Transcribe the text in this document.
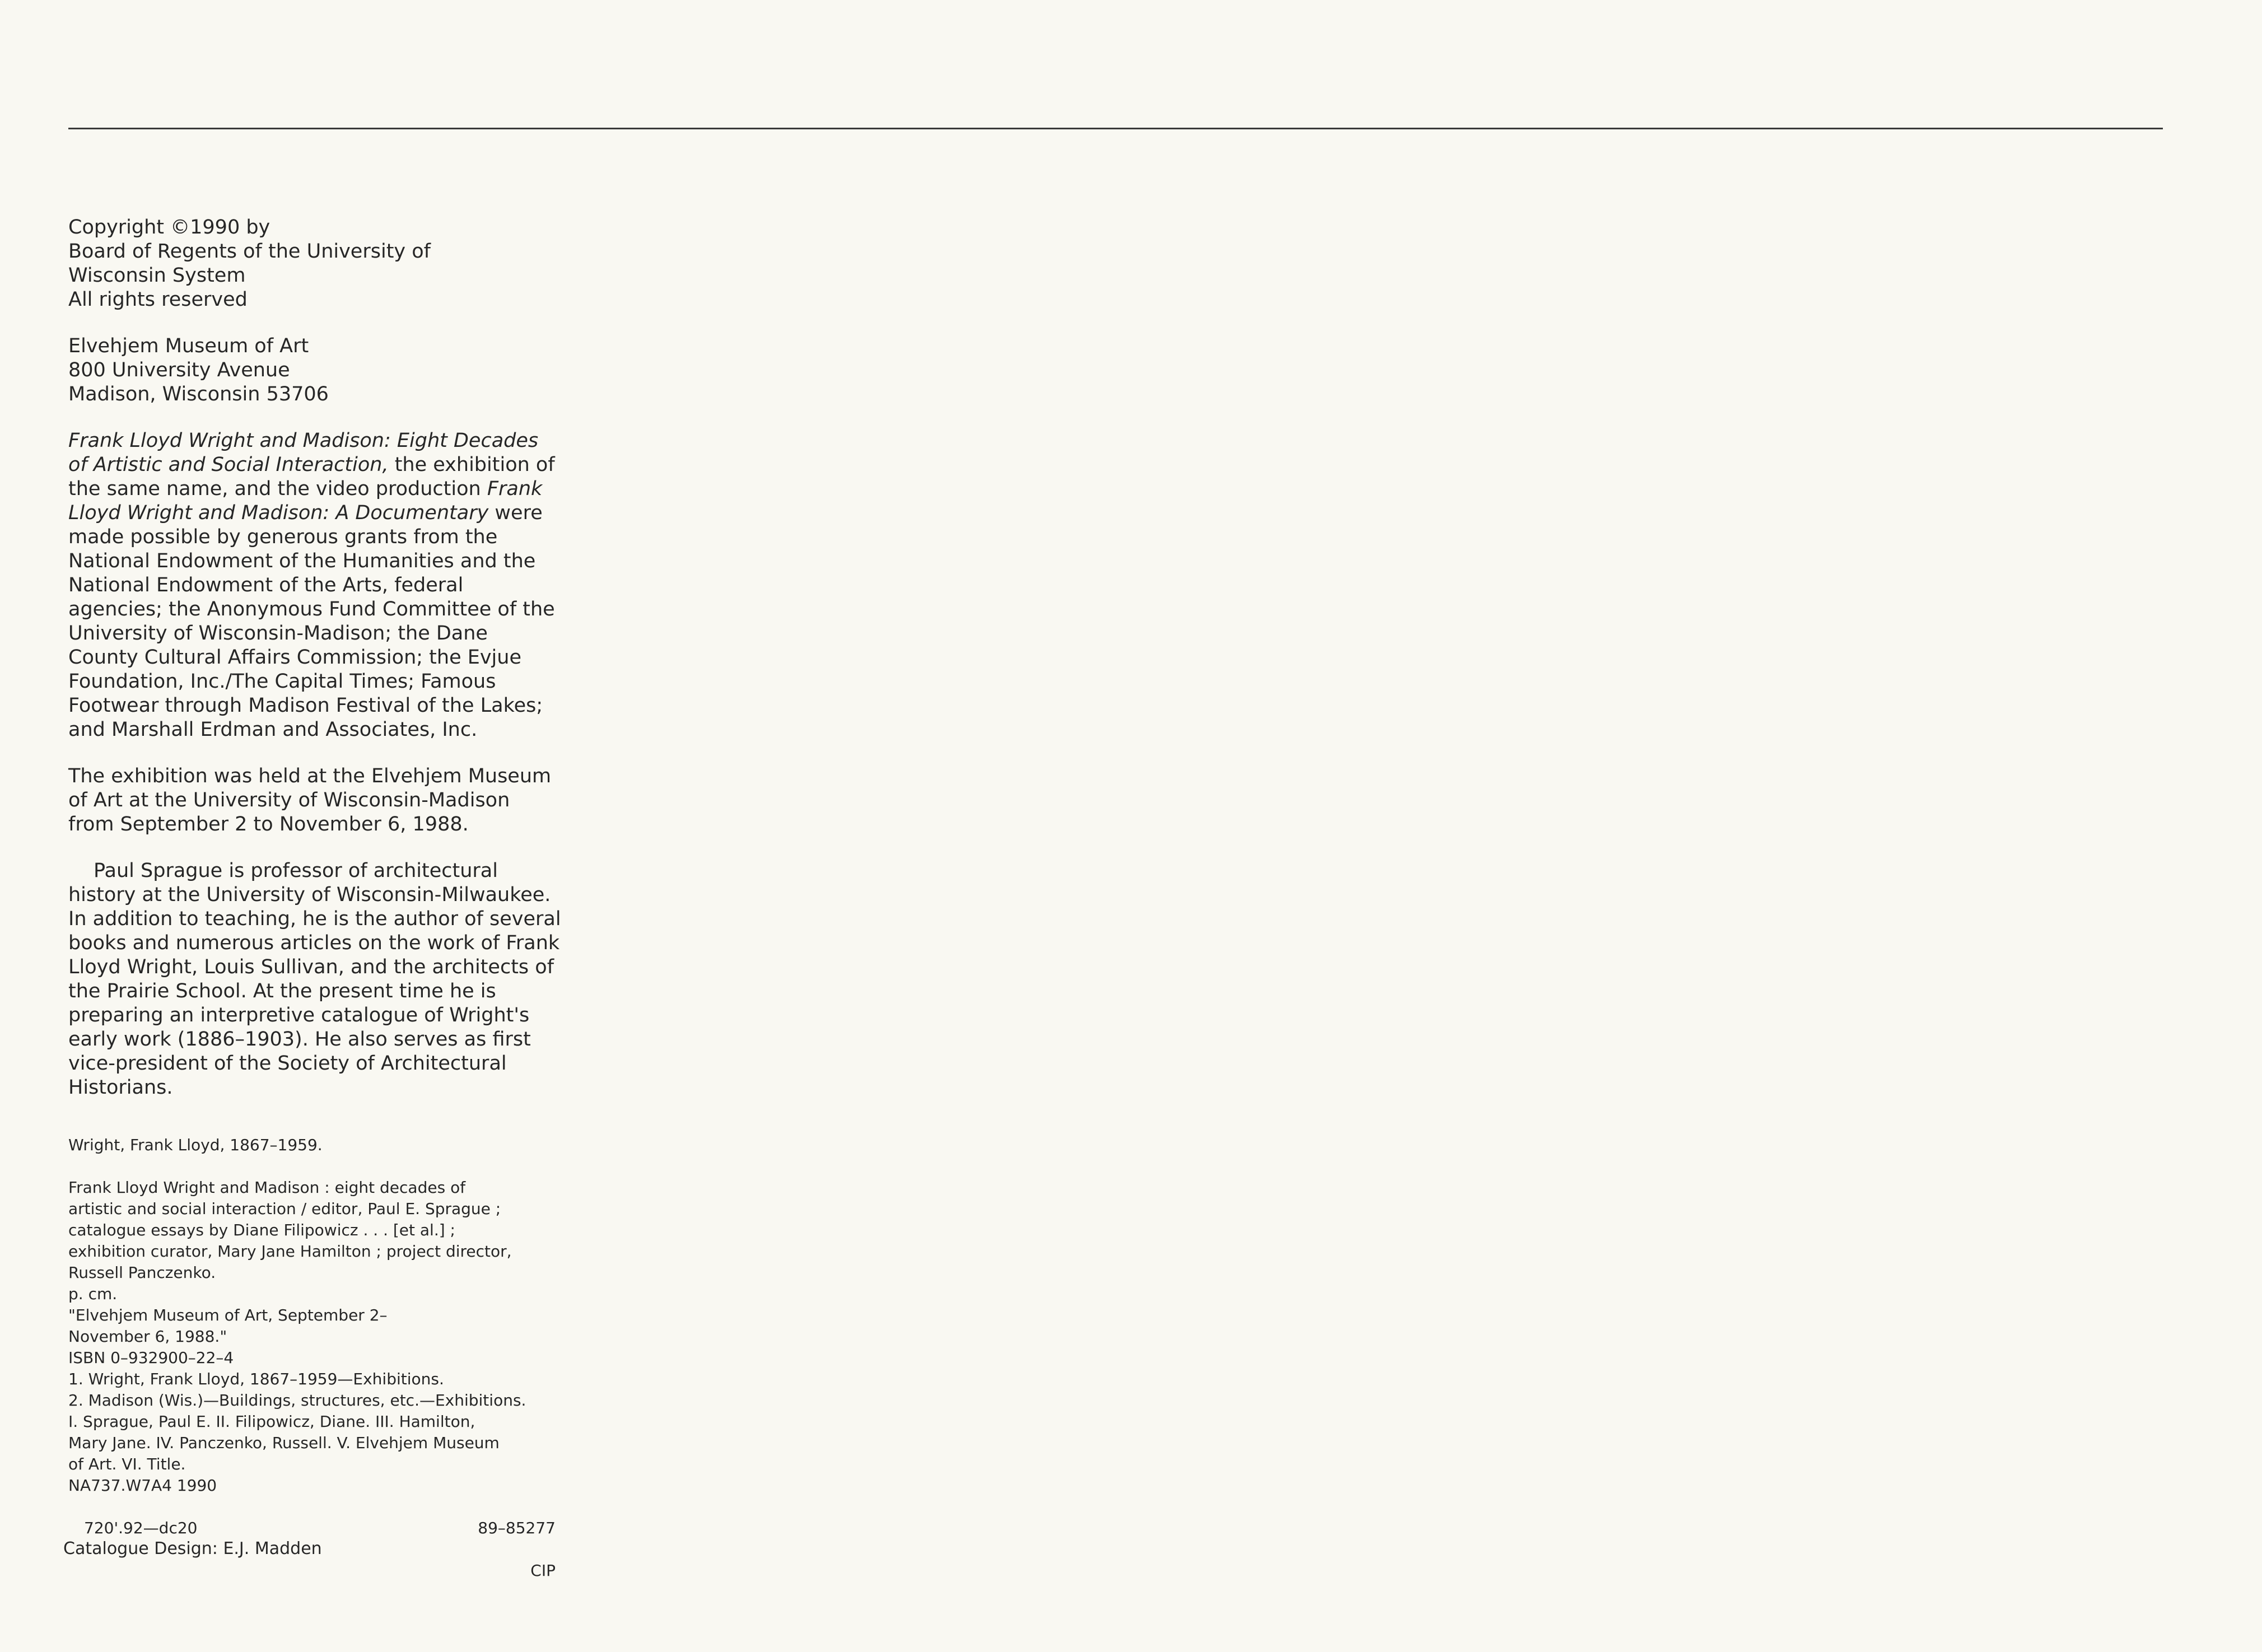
Copyright ©1990 by
Board of Regents of the University of
Wisconsin System
All rights reserved

Elvehjem Museum of Art
800 University Avenue
Madison, Wisconsin 53706

Frank Lloyd Wright and Madison: Eight Decades of Artistic and Social Interaction, the exhibition of the same name, and the video production Frank Lloyd Wright and Madison: A Documentary were made possible by generous grants from the National Endowment of the Humanities and the National Endowment of the Arts, federal agencies; the Anonymous Fund Committee of the University of Wisconsin-Madison; the Dane County Cultural Affairs Commission; the Evjue Foundation, Inc./The Capital Times; Famous Footwear through Madison Festival of the Lakes; and Marshall Erdman and Associates, Inc.

The exhibition was held at the Elvehjem Museum of Art at the University of Wisconsin-Madison from September 2 to November 6, 1988.

Paul Sprague is professor of architectural history at the University of Wisconsin-Milwaukee. In addition to teaching, he is the author of several books and numerous articles on the work of Frank Lloyd Wright, Louis Sullivan, and the architects of the Prairie School. At the present time he is preparing an interpretive catalogue of Wright's early work (1886–1903). He also serves as first vice-president of the Society of Architectural Historians.

Wright, Frank Lloyd, 1867–1959.

Frank Lloyd Wright and Madison : eight decades of
artistic and social interaction / editor, Paul E. Sprague ;
catalogue essays by Diane Filipowicz . . . [et al.] ;
exhibition curator, Mary Jane Hamilton ; project director,
Russell Panczenko.
p. cm.
"Elvehjem Museum of Art, September 2–
November 6, 1988."
ISBN 0–932900–22–4
1. Wright, Frank Lloyd, 1867–1959—Exhibitions.
2. Madison (Wis.)—Buildings, structures, etc.—Exhibitions.
I. Sprague, Paul E. II. Filipowicz, Diane. III. Hamilton,
Mary Jane. IV. Panczenko, Russell. V. Elvehjem Museum
of Art. VI. Title.
NA737.W7A4 1990

720'.92—dc20	89–85277

CIP

Catalogue Design: E.J. Madden
